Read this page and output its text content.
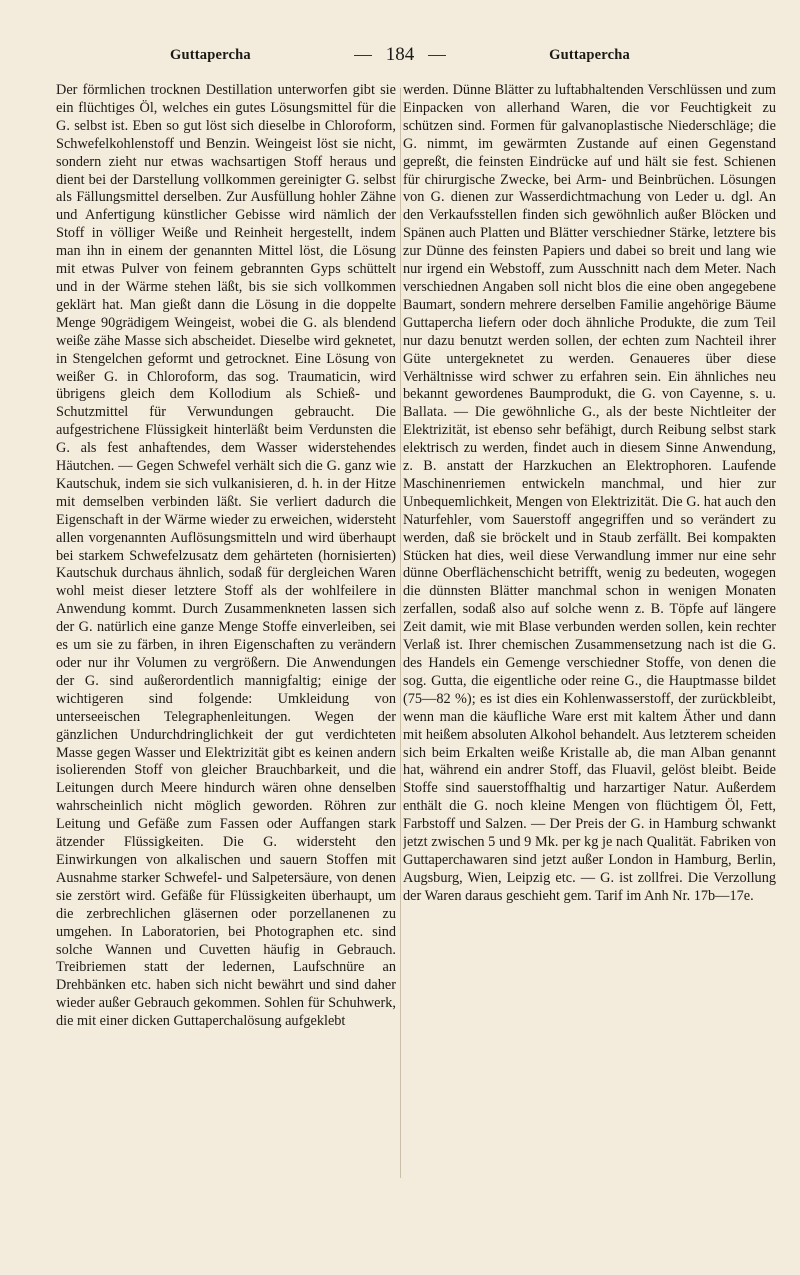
Guttapercha	184	Guttapercha

Der förmlichen trocknen Destillation unterworfen gibt sie ein flüchtiges Öl, welches ein gutes Lösungsmittel für die G. selbst ist. Eben so gut löst sich dieselbe in Chloroform, Schwefelkohlenstoff und Benzin. Weingeist löst sie nicht, sondern zieht nur etwas wachsartigen Stoff heraus und dient bei der Darstellung vollkommen gereinigter G. selbst als Fällungsmittel derselben. Zur Ausfüllung hohler Zähne und Anfertigung künstlicher Gebisse wird nämlich der Stoff in völliger Weiße und Reinheit hergestellt, indem man ihn in einem der genannten Mittel löst, die Lösung mit etwas Pulver von feinem gebrannten Gyps schüttelt und in der Wärme stehen läßt, bis sie sich vollkommen geklärt hat. Man gießt dann die Lösung in die doppelte Menge 90grädigem Weingeist, wobei die G. als blendend weiße zähe Masse sich abscheidet. Dieselbe wird geknetet, in Stengelchen geformt und getrocknet. Eine Lösung von weißer G. in Chloroform, das sog. Traumaticin, wird übrigens gleich dem Kollodium als Schieß- und Schutzmittel für Verwundungen gebraucht. Die aufgestrichene Flüssigkeit hinterläßt beim Verdunsten die G. als fest anhaftendes, dem Wasser widerstehendes Häutchen. — Gegen Schwefel verhält sich die G. ganz wie Kautschuk, indem sie sich vulkanisieren, d. h. in der Hitze mit demselben verbinden läßt. Sie verliert dadurch die Eigenschaft in der Wärme wieder zu erweichen, widersteht allen vorgenannten Auflösungsmitteln und wird überhaupt bei starkem Schwefelzusatz dem gehärteten (hornisierten) Kautschuk durchaus ähnlich, sodaß für dergleichen Waren wohl meist dieser letztere Stoff als der wohlfeilere in Anwendung kommt. Durch Zusammenkneten lassen sich der G. natürlich eine ganze Menge Stoffe einverleiben, sei es um sie zu färben, in ihren Eigenschaften zu verändern oder nur ihr Volumen zu vergrößern. Die Anwendungen der G. sind außerordentlich mannigfaltig; einige der wichtigeren sind folgende: Umkleidung von unterseeischen Telegraphenleitungen. Wegen der gänzlichen Undurchdringlichkeit der gut verdichteten Masse gegen Wasser und Elektrizität gibt es keinen andern isolierenden Stoff von gleicher Brauchbarkeit, und die Leitungen durch Meere hindurch wären ohne denselben wahrscheinlich nicht möglich geworden. Röhren zur Leitung und Gefäße zum Fassen oder Auffangen stark ätzender Flüssigkeiten. Die G. widersteht den Einwirkungen von alkalischen und sauern Stoffen mit Ausnahme starker Schwefel- und Salpetersäure, von denen sie zerstört wird. Gefäße für Flüssigkeiten überhaupt, um die zerbrechlichen gläsernen oder porzellanenen zu umgehen. In Laboratorien, bei Photographen etc. sind solche Wannen und Cuvetten häufig in Gebrauch. Treibriemen statt der ledernen, Laufschnüre an Drehbänken etc. haben sich nicht bewährt und sind daher wieder außer Gebrauch gekommen. Sohlen für Schuhwerk, die mit einer dicken Guttaperchalösung aufgeklebt

werden. Dünne Blätter zu luftabhaltenden Verschlüssen und zum Einpacken von allerhand Waren, die vor Feuchtigkeit zu schützen sind. Formen für galvanoplastische Niederschläge; die G. nimmt, im gewärmten Zustande auf einen Gegenstand gepreßt, die feinsten Eindrücke auf und hält sie fest. Schienen für chirurgische Zwecke, bei Arm- und Beinbrüchen. Lösungen von G. dienen zur Wasserdichtmachung von Leder u. dgl. An den Verkaufsstellen finden sich gewöhnlich außer Blöcken und Spänen auch Platten und Blätter verschiedner Stärke, letztere bis zur Dünne des feinsten Papiers und dabei so breit und lang wie nur irgend ein Webstoff, zum Ausschnitt nach dem Meter. Nach verschiednen Angaben soll nicht blos die eine oben angegebene Baumart, sondern mehrere derselben Familie angehörige Bäume Guttapercha liefern oder doch ähnliche Produkte, die zum Teil nur dazu benutzt werden sollen, der echten zum Nachteil ihrer Güte untergeknetet zu werden. Genaueres über diese Verhältnisse wird schwer zu erfahren sein. Ein ähnliches neu bekannt gewordenes Baumprodukt, die G. von Cayenne, s. u. Ballata. — Die gewöhnliche G., als der beste Nichtleiter der Elektrizität, ist ebenso sehr befähigt, durch Reibung selbst stark elektrisch zu werden, findet auch in diesem Sinne Anwendung, z. B. anstatt der Harzkuchen an Elektrophoren. Laufende Maschinenriemen entwickeln manchmal, und hier zur Unbequemlichkeit, Mengen von Elektrizität. Die G. hat auch den Naturfehler, vom Sauerstoff angegriffen und so verändert zu werden, daß sie bröckelt und in Staub zerfällt. Bei kompakten Stücken hat dies, weil diese Verwandlung immer nur eine sehr dünne Oberflächenschicht betrifft, wenig zu bedeuten, wogegen die dünnsten Blätter manchmal schon in wenigen Monaten zerfallen, sodaß also auf solche wenn z. B. Töpfe auf längere Zeit damit, wie mit Blase verbunden werden sollen, kein rechter Verlaß ist. Ihrer chemischen Zusammensetzung nach ist die G. des Handels ein Gemenge verschiedner Stoffe, von denen die sog. Gutta, die eigentliche oder reine G., die Hauptmasse bildet (75—82 %); es ist dies ein Kohlenwasserstoff, der zurückbleibt, wenn man die käufliche Ware erst mit kaltem Äther und dann mit heißem absoluten Alkohol behandelt. Aus letzterem scheiden sich beim Erkalten weiße Kristalle ab, die man Alban genannt hat, während ein andrer Stoff, das Fluavil, gelöst bleibt. Beide Stoffe sind sauerstoffhaltig und harzartiger Natur. Außerdem enthält die G. noch kleine Mengen von flüchtigem Öl, Fett, Farbstoff und Salzen. — Der Preis der G. in Hamburg schwankt jetzt zwischen 5 und 9 Mk. per kg je nach Qualität. Fabriken von Guttaperchawaren sind jetzt außer London in Hamburg, Berlin, Augsburg, Wien, Leipzig etc. — G. ist zollfrei. Die Verzollung der Waren daraus geschieht gem. Tarif im Anh Nr. 17b—17e.
